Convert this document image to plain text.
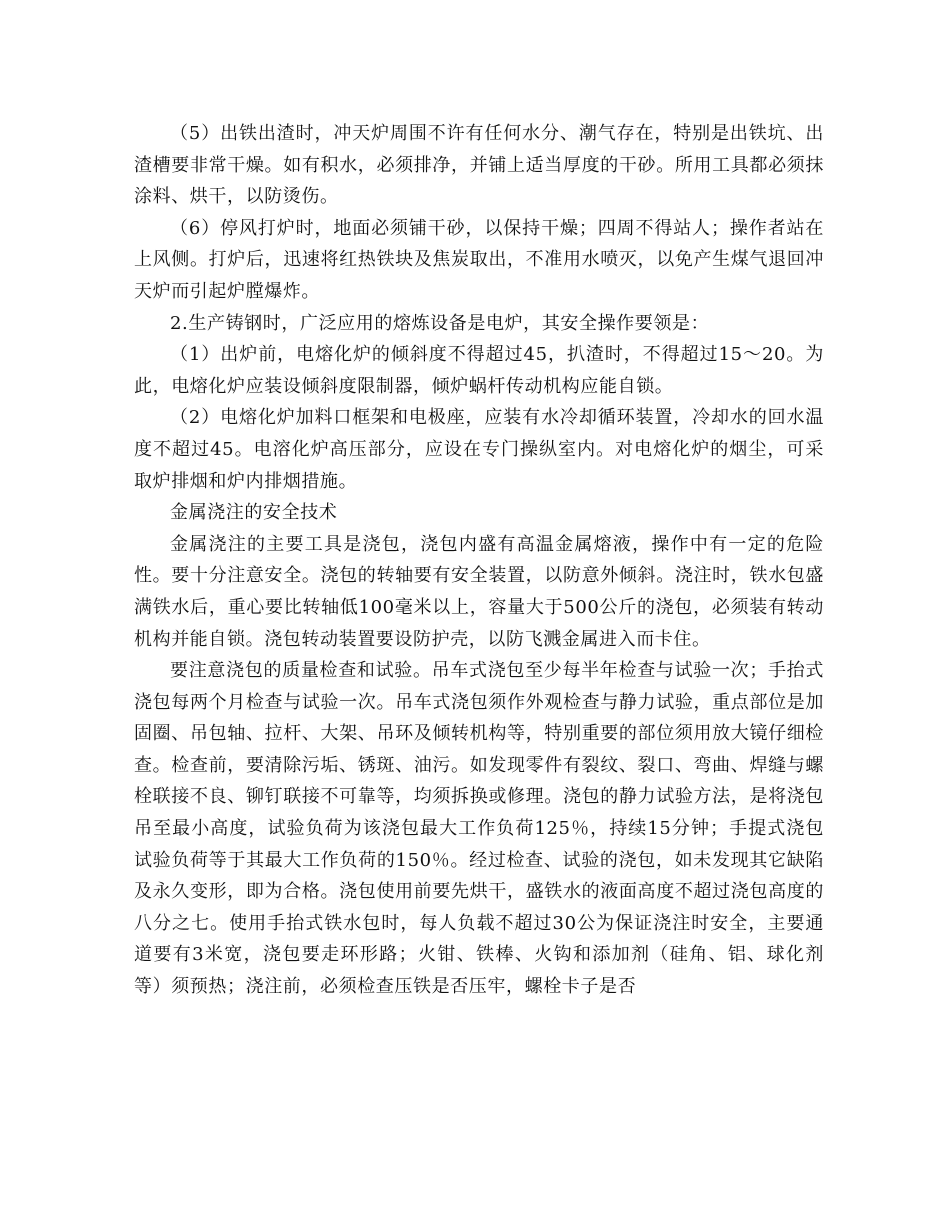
（5）出铁出渣时，冲天炉周围不许有任何水分、潮气存在，特别是出铁坑、出渣槽要非常干燥。如有积水，必须排净，并铺上适当厚度的干砂。所用工具都必须抹涂料、烘干，以防烫伤。

（6）停风打炉时，地面必须铺干砂，以保持干燥；四周不得站人；操作者站在上风侧。打炉后，迅速将红热铁块及焦炭取出，不准用水喷灭，以免产生煤气退回冲天炉而引起炉膛爆炸。

2.生产铸钢时，广泛应用的熔炼设备是电炉，其安全操作要领是：

（1）出炉前，电熔化炉的倾斜度不得超过45，扒渣时，不得超过15～20。为此，电熔化炉应装设倾斜度限制器，倾炉蜗杆传动机构应能自锁。

（2）电熔化炉加料口框架和电极座，应装有水冷却循环装置，冷却水的回水温度不超过45。电溶化炉高压部分，应设在专门操纵室内。对电熔化炉的烟尘，可采取炉排烟和炉内排烟措施。

金属浇注的安全技术

金属浇注的主要工具是浇包，浇包内盛有高温金属熔液，操作中有一定的危险性。要十分注意安全。浇包的转轴要有安全装置，以防意外倾斜。浇注时，铁水包盛满铁水后，重心要比转轴低100毫米以上，容量大于500公斤的浇包，必须装有转动机构并能自锁。浇包转动装置要设防护壳，以防飞溅金属进入而卡住。

要注意浇包的质量检查和试验。吊车式浇包至少每半年检查与试验一次；手抬式浇包每两个月检查与试验一次。吊车式浇包须作外观检查与静力试验，重点部位是加固圈、吊包轴、拉杆、大架、吊环及倾转机构等，特别重要的部位须用放大镜仔细检查。检查前，要清除污垢、锈斑、油污。如发现零件有裂纹、裂口、弯曲、焊缝与螺栓联接不良、铆钉联接不可靠等，均须拆换或修理。浇包的静力试验方法，是将浇包吊至最小高度，试验负荷为该浇包最大工作负荷125％，持续15分钟；手提式浇包试验负荷等于其最大工作负荷的150％。经过检查、试验的浇包，如未发现其它缺陷及永久变形，即为合格。浇包使用前要先烘干，盛铁水的液面高度不超过浇包高度的八分之七。使用手抬式铁水包时，每人负载不超过30公为保证浇注时安全，主要通道要有3米宽，浇包要走环形路；火钳、铁棒、火钩和添加剂（硅角、铝、球化剂等）须预热；浇注前，必须检查压铁是否压牢，螺栓卡子是否
